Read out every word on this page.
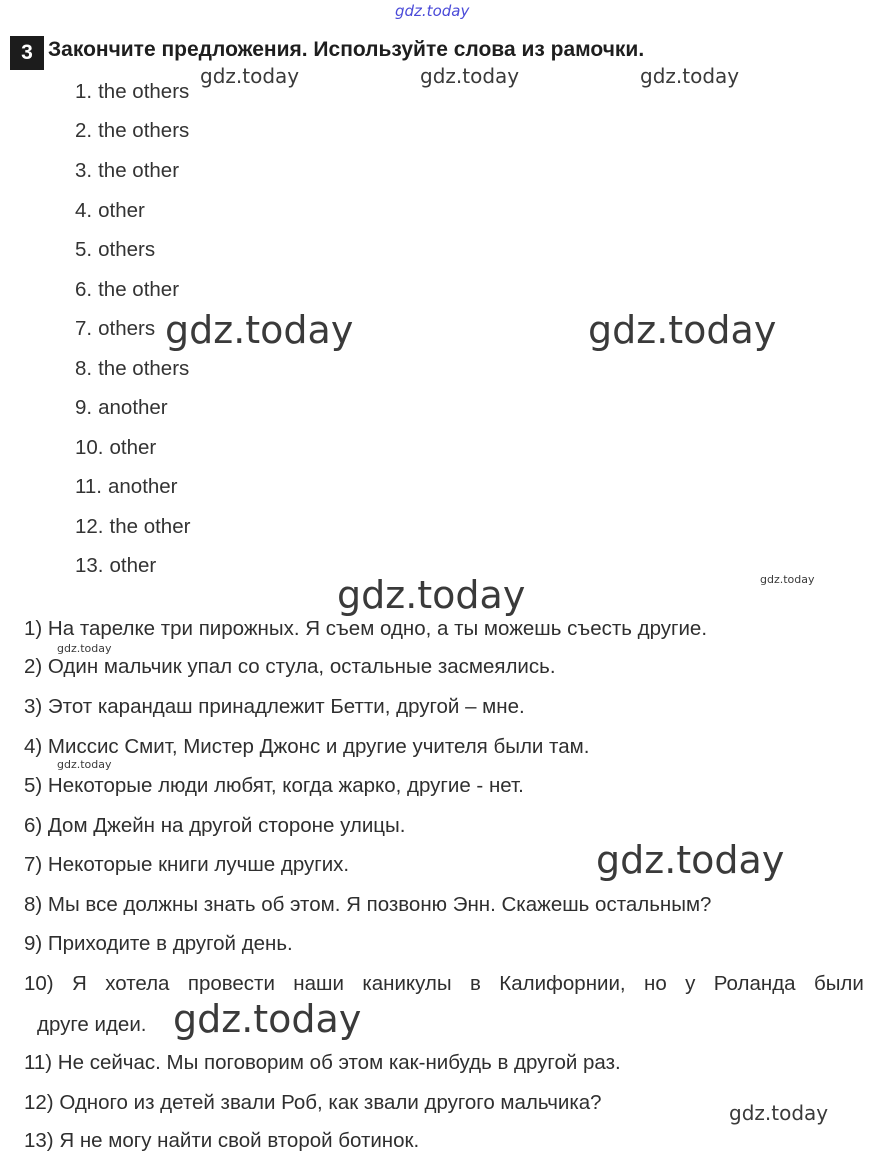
gdz.today
3 Закончите предложения. Используйте слова из рамочки.
1. the others
2. the others
3. the other
4. other
5. others
6. the other
7. others
8. the others
9. another
10. other
11. another
12. the other
13. other
1) На тарелке три пирожных. Я съем одно, а ты можешь съесть другие.
2) Один мальчик упал со стула, остальные засмеялись.
3) Этот карандаш принадлежит Бетти, другой – мне.
4) Миссис Смит, Мистер Джонс и другие учителя были там.
5) Некоторые люди любят, когда жарко, другие - нет.
6) Дом Джейн на другой стороне улицы.
7) Некоторые книги лучше других.
8) Мы все должны знать об этом. Я позвоню Энн. Скажешь остальным?
9) Приходите в другой день.
10) Я хотела провести наши каникулы в Калифорнии, но у Роланда были
друге идеи.
11) Не сейчас. Мы поговорим об этом как-нибудь в другой раз.
12) Одного из детей звали Роб, как звали другого мальчика?
13) Я не могу найти свой второй ботинок.
gdz.today	gdz.today	gdz.today
gdz.today	gdz.today
gdz.today	gdz.today
gdz.today
gdz.today
gdz.today
gdz.today
gdz.today
